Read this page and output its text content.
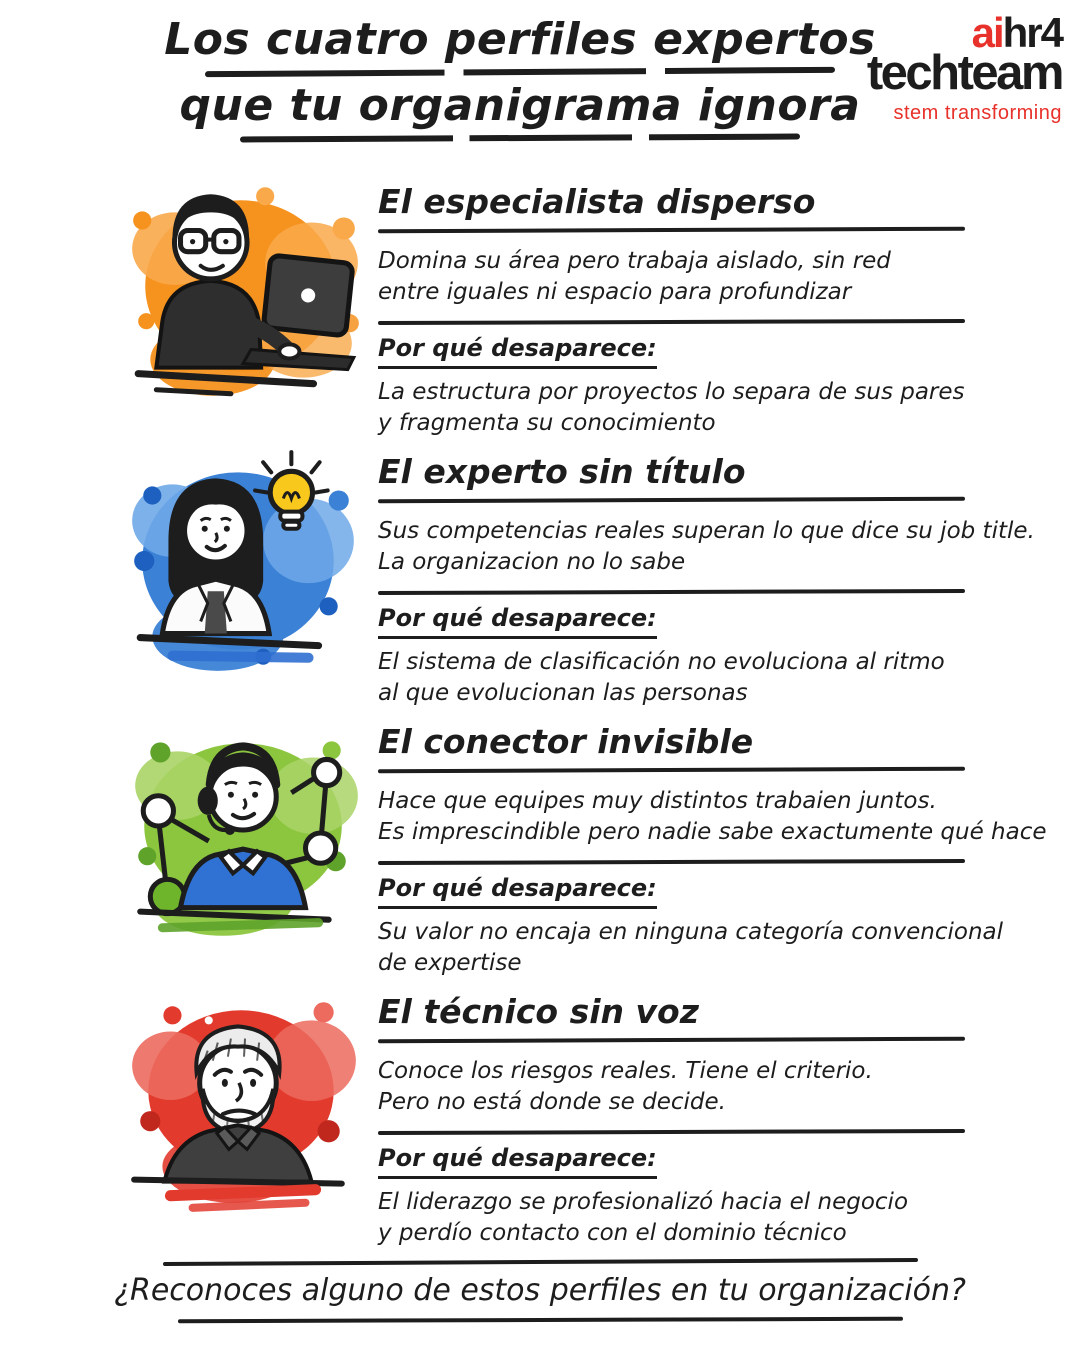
Los cuatro perfiles expertos
que tu organigrama ignora
aihr4
techteam
stem transforming
El especialista disperso

Domina su área pero trabaja aislado, sin red
entre iguales ni espacio para profundizar

Por qué desaparece:

La estructura por proyectos lo separa de sus pares
y fragmenta su conocimiento

El experto sin título

Sus competencias reales superan lo que dice su job title.
La organizacion no lo sabe

Por qué desaparece:

El sistema de clasificación no evoluciona al ritmo
al que evolucionan las personas

El conector invisible

Hace que equipes muy distintos trabaien juntos.
Es imprescindible pero nadie sabe exactumente qué hace

Por qué desaparece:

Su valor no encaja en ninguna categoría convencional
de expertise

El técnico sin voz

Conoce los riesgos reales. Tiene el criterio.
Pero no está donde se decide.

Por qué desaparece:

El liderazgo se profesionalizó hacia el negocio
y perdío contacto con el dominio técnico

¿Reconoces alguno de estos perfiles en tu organización?
